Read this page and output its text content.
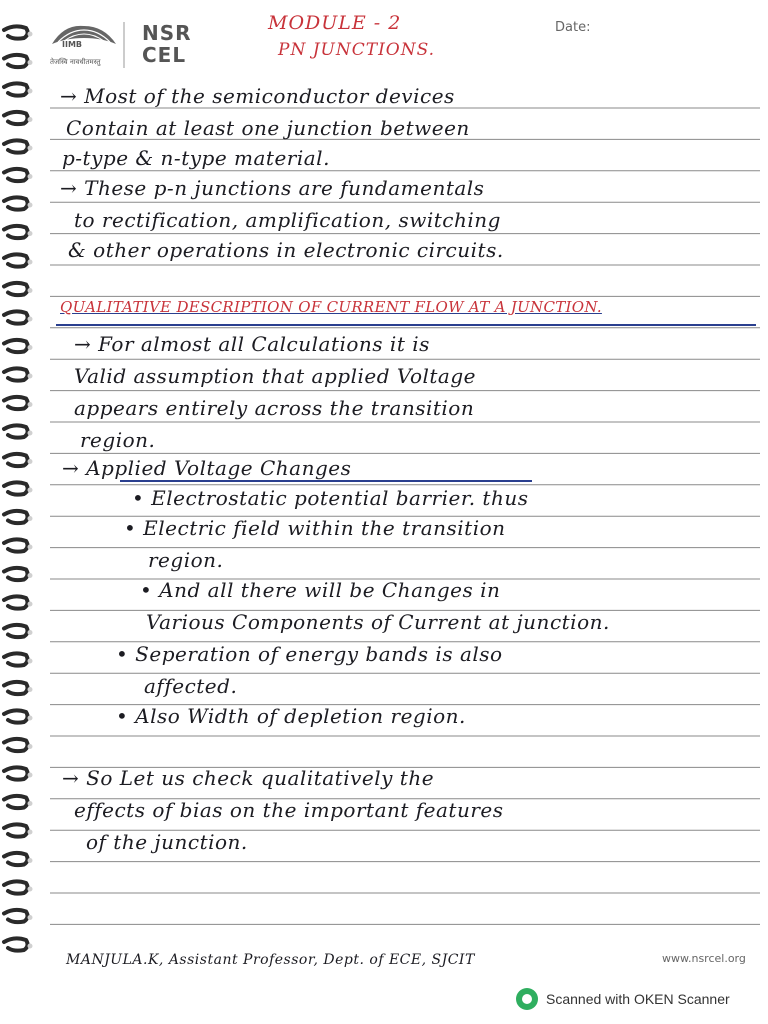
IIMB
तेजस्वि नावधीतमस्तु
NSR
CEL
Date:
MODULE - 2
PN JUNCTIONS.
→ Most of the semiconductor devices
Contain at least one junction between
p-type & n-type material.
→ These p-n junctions are fundamentals
to rectification, amplification, switching
& other operations in electronic circuits.
QUALITATIVE DESCRIPTION OF CURRENT FLOW AT A JUNCTION.
→ For almost all Calculations it is
Valid assumption that applied Voltage
appears entirely across the transition
region.
→ Applied Voltage Changes
• Electrostatic potential barrier. thus
• Electric field within the transition
region.
• And all there will be Changes in
Various Components of Current at junction.
• Seperation of energy bands is also
affected.
• Also Width of depletion region.
→ So Let us check qualitatively the
effects of bias on the important features
of the junction.
MANJULA.K, Assistant Professor, Dept. of ECE, SJCIT	www.nsrcel.org
Scanned with OKEN Scanner
